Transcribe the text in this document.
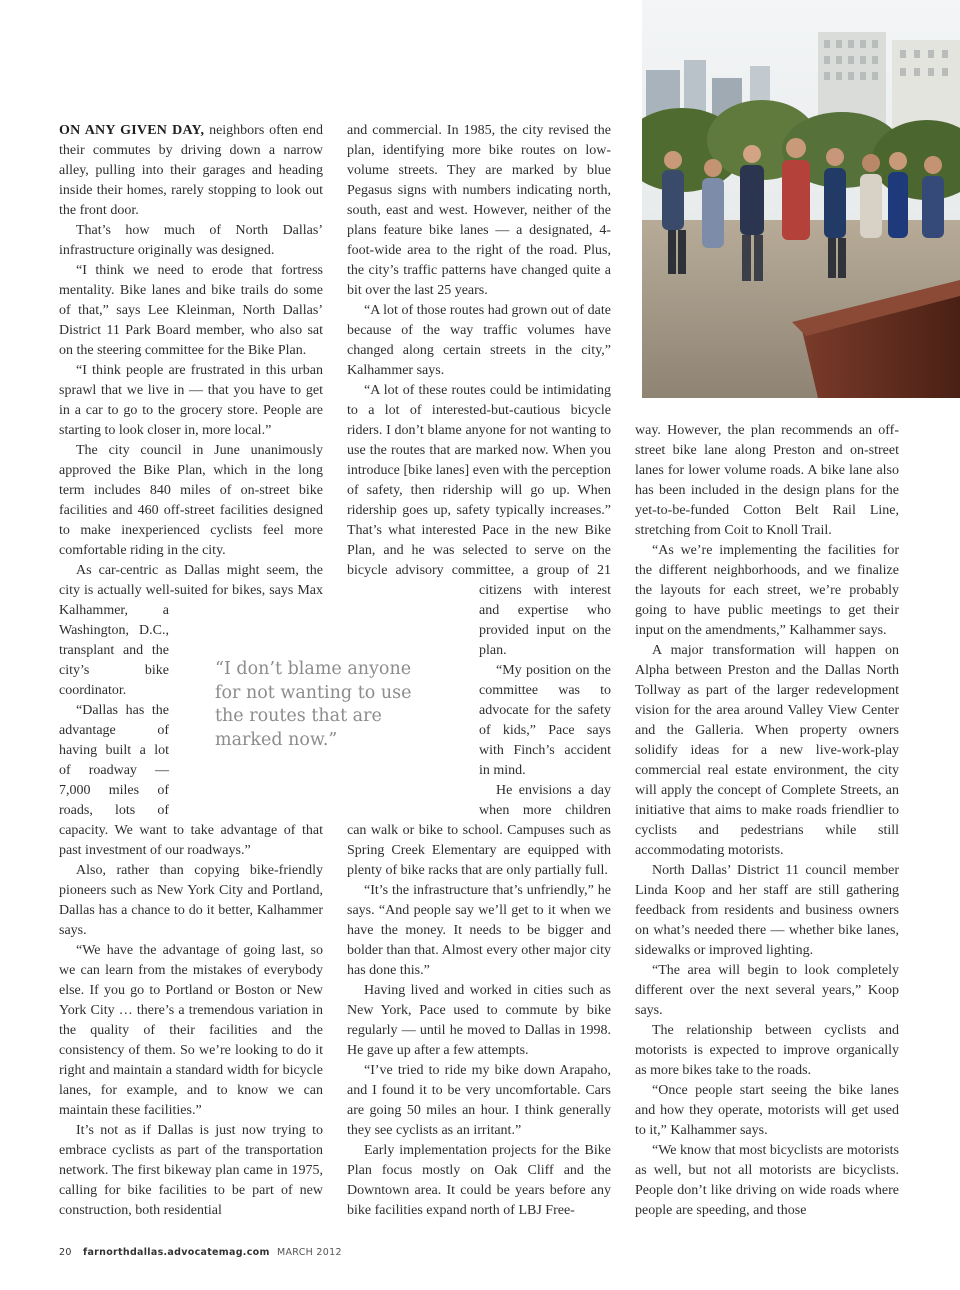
ON ANY GIVEN DAY, neighbors often end their commutes by driving down a narrow alley, pulling into their garages and heading inside their homes, rarely stopping to look out the front door.

That’s how much of North Dallas’ infrastructure originally was designed.

“I think we need to erode that fortress mentality. Bike lanes and bike trails do some of that,” says Lee Kleinman, North Dallas’ District 11 Park Board member, who also sat on the steering committee for the Bike Plan.

“I think people are frustrated in this urban sprawl that we live in — that you have to get in a car to go to the grocery store. People are starting to look closer in, more local.”

The city council in June unanimously approved the Bike Plan, which in the long term includes 840 miles of on-street bike facilities and 460 off-street facilities designed to make inexperienced cyclists feel more comfortable riding in the city.

As car-centric as Dallas might seem, the city is actually well-suited for bikes, says Max Kalhammer, a Washington, D.C., transplant and the city’s bike coordinator.

“Dallas has the advantage of having built a lot of roadway — 7,000 miles of roads, lots of capacity. We want to take advantage of that past investment of our roadways.”

Also, rather than copying bike-friendly pioneers such as New York City and Portland, Dallas has a chance to do it better, Kalhammer says.

“We have the advantage of going last, so we can learn from the mistakes of everybody else. If you go to Portland or Boston or New York City … there’s a tremendous variation in the quality of their facilities and the consistency of them. So we’re looking to do it right and maintain a standard width for bicycle lanes, for example, and to know we can maintain these facilities.”

It’s not as if Dallas is just now trying to embrace cyclists as part of the transportation network. The first bikeway plan came in 1975, calling for bike facilities to be part of new construction, both residential

and commercial. In 1985, the city revised the plan, identifying more bike routes on low-volume streets. They are marked by blue Pegasus signs with numbers indicating north, south, east and west. However, neither of the plans feature bike lanes — a designated, 4-foot-wide area to the right of the road. Plus, the city’s traffic patterns have changed quite a bit over the last 25 years.

“A lot of those routes had grown out of date because of the way traffic volumes have changed along certain streets in the city,” Kalhammer says.

“A lot of these routes could be intimidating to a lot of interested-but-cautious bicycle riders. I don’t blame anyone for not wanting to use the routes that are marked now. When you introduce [bike lanes] even with the perception of safety, then ridership will go up. When ridership goes up, safety typically increases.” That’s what interested Pace in the new Bike Plan, and he was selected to serve on the bicycle advisory committee, a group of 21 citizens with interest and expertise who provided input on the plan.

“My position on the committee was to advocate for the safety of kids,” Pace says with Finch’s accident in mind.

He envisions a day when more children can walk or bike to school. Campuses such as Spring Creek Elementary are equipped with plenty of bike racks that are only partially full.

“It’s the infrastructure that’s unfriendly,” he says. “And people say we’ll get to it when we have the money. It needs to be bigger and bolder than that. Almost every other major city has done this.”

Having lived and worked in cities such as New York, Pace used to commute by bike regularly — until he moved to Dallas in 1998. He gave up after a few attempts.

“I’ve tried to ride my bike down Arapaho, and I found it to be very uncomfortable. Cars are going 50 miles an hour. I think generally they see cyclists as an irritant.”

Early implementation projects for the Bike Plan focus mostly on Oak Cliff and the Downtown area. It could be years before any bike facilities expand north of LBJ Free-

“I don’t blame anyone for not wanting to use the routes that are marked now.”

way. However, the plan recommends an off-street bike lane along Preston and on-street lanes for lower volume roads. A bike lane also has been included in the design plans for the yet-to-be-funded Cotton Belt Rail Line, stretching from Coit to Knoll Trail.

“As we’re implementing the facilities for the different neighborhoods, and we finalize the layouts for each street, we’re probably going to have public meetings to get their input on the amendments,” Kalhammer says.

A major transformation will happen on Alpha between Preston and the Dallas North Tollway as part of the larger redevelopment vision for the area around Valley View Center and the Galleria. When property owners solidify ideas for a new live-work-play commercial real estate environment, the city will apply the concept of Complete Streets, an initiative that aims to make roads friendlier to cyclists and pedestrians while still accommodating motorists.

North Dallas’ District 11 council member Linda Koop and her staff are still gathering feedback from residents and business owners on what’s needed there — whether bike lanes, sidewalks or improved lighting.

“The area will begin to look completely different over the next several years,” Koop says.

The relationship between cyclists and motorists is expected to improve organically as more bikes take to the roads.

“Once people start seeing the bike lanes and how they operate, motorists will get used to it,” Kalhammer says.

“We know that most bicyclists are motorists as well, but not all motorists are bicyclists. People don’t like driving on wide roads where people are speeding, and those

20 farnorthdallas.advocatemag.com MARCH 2012
